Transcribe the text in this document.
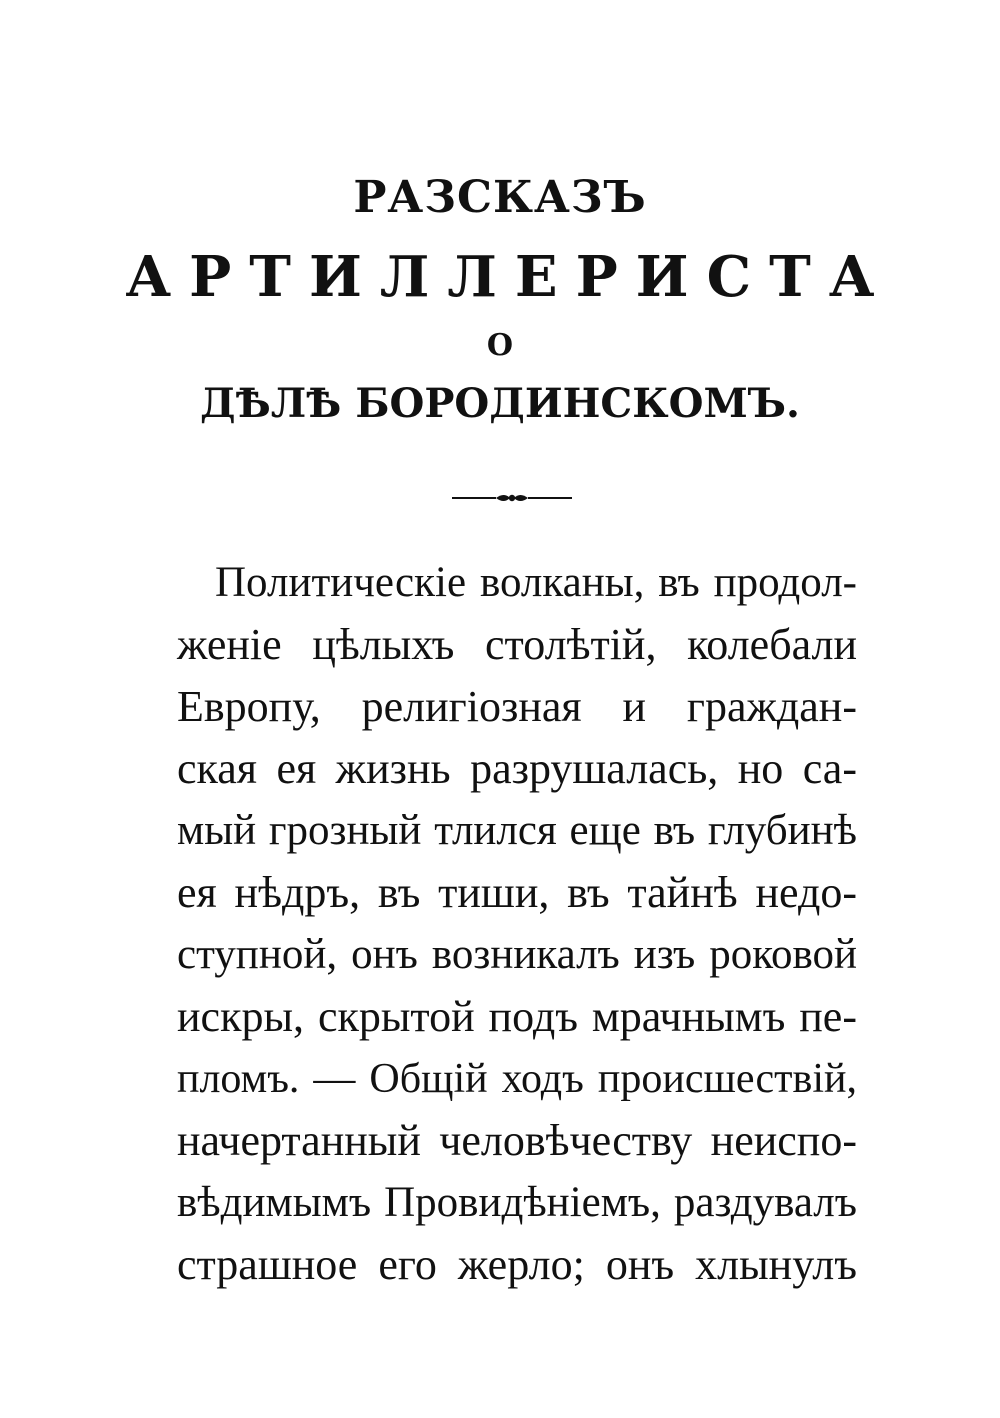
РАЗСКАЗЪ
АРТИЛЛЕРИСТА
О
ДѢЛѢ БОРОДИНСКОМЪ.
Политическіе волканы, въ продол-
женіе цѣлыхъ столѣтій, колебали
Европу, религіозная и граждан-
ская ея жизнь разрушалась, но са-
мый грозный тлился еще въ глубинѣ
ея нѣдръ, въ тиши, въ тайнѣ недо-
ступной, онъ возникалъ изъ роковой
искры, скрытой подъ мрачнымъ пе-
пломъ. — Общій ходъ происшествій,
начертанный человѣчеству неиспо-
вѣдимымъ Провидѣніемъ, раздувалъ
страшное его жерло; онъ хлынулъ
